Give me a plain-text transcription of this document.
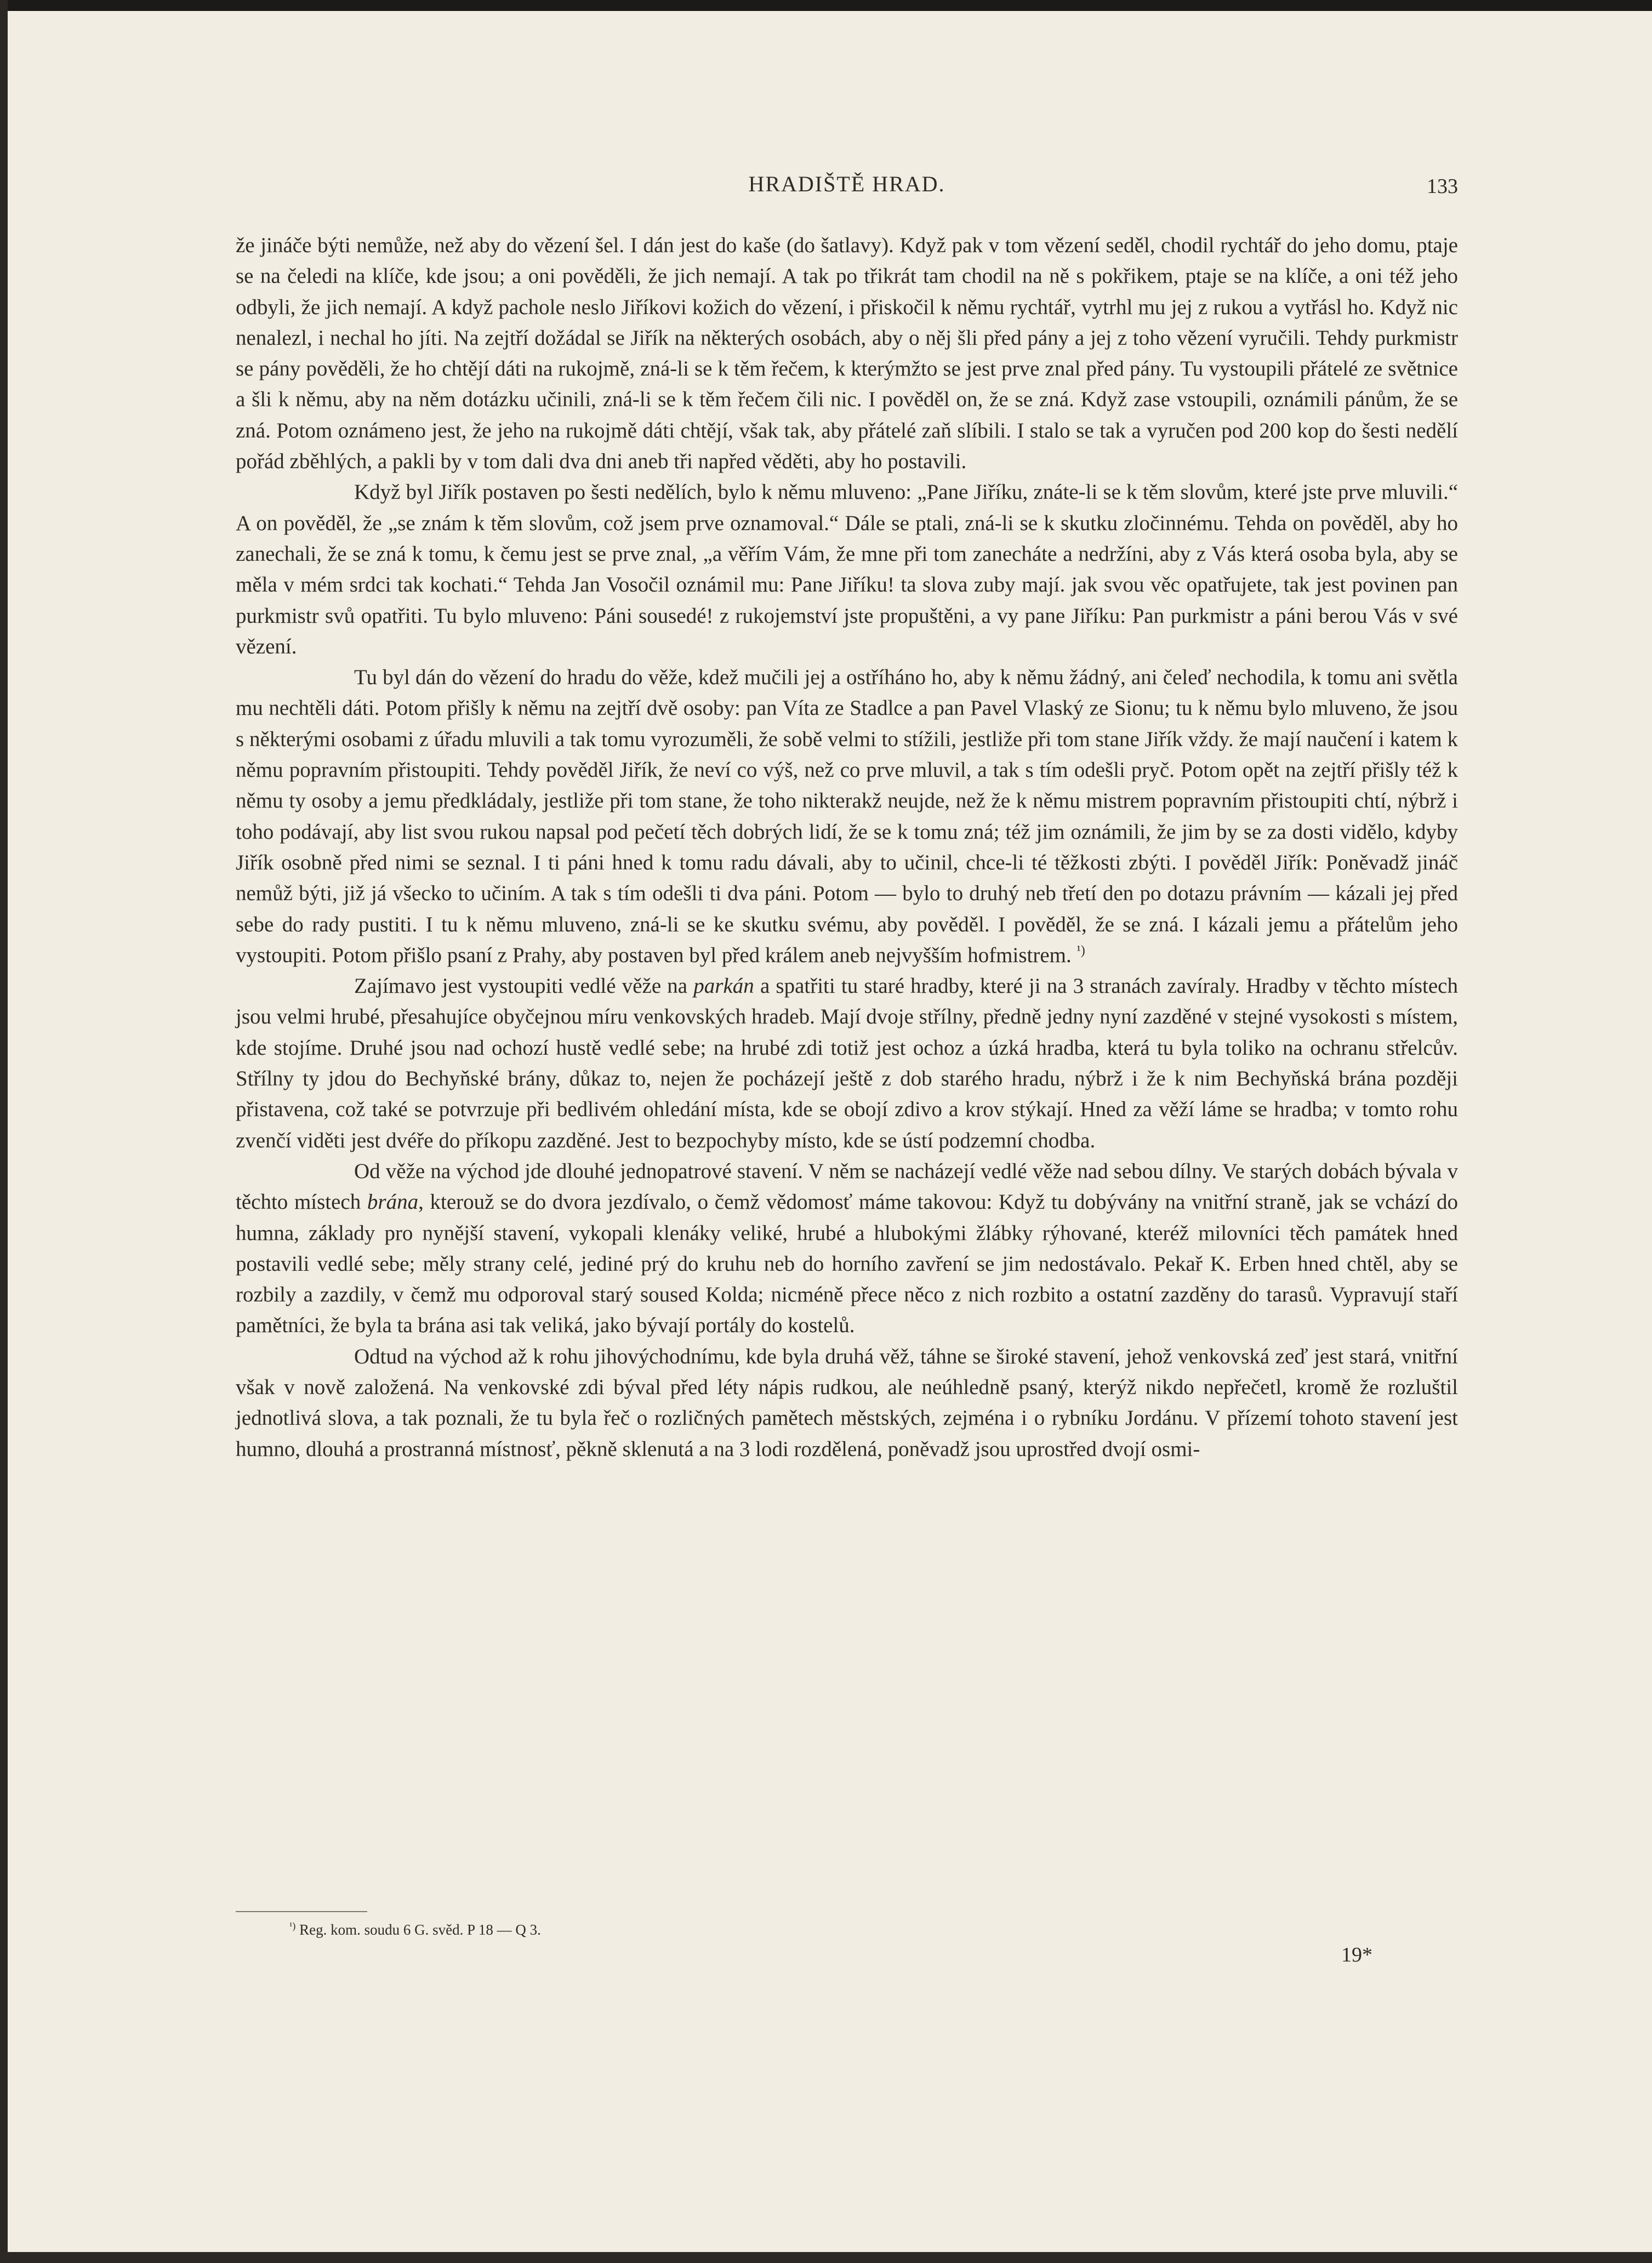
HRADIŠTĚ HRAD.	133

že jináče býti nemůže, než aby do vězení šel. I dán jest do kaše (do šatlavy). Když pak v tom vězení seděl, chodil rychtář do jeho domu, ptaje se na čeledi na klíče, kde jsou; a oni pověděli, že jich nemají. A tak po třikrát tam chodil na ně s pokřikem, ptaje se na klíče, a oni též jeho odbyli, že jich nemají. A když pachole neslo Jiříkovi kožich do vězení, i přiskočil k němu rychtář, vytrhl mu jej z rukou a vytřásl ho. Když nic nenalezl, i nechal ho jíti. Na zejtří dožádal se Jiřík na některých osobách, aby o něj šli před pány a jej z toho vězení vyručili. Tehdy purkmistr se pány pověděli, že ho chtějí dáti na rukojmě, zná-li se k těm řečem, k kterýmžto se jest prve znal před pány. Tu vystoupili přátelé ze světnice a šli k němu, aby na něm dotázku učinili, zná-li se k těm řečem čili nic. I pověděl on, že se zná. Když zase vstoupili, oznámili pánům, že se zná. Potom oznámeno jest, že jeho na rukojmě dáti chtějí, však tak, aby přátelé zaň slíbili. I stalo se tak a vyručen pod 200 kop do šesti nedělí pořád zběhlých, a pakli by v tom dali dva dni aneb tři napřed věděti, aby ho postavili.

Když byl Jiřík postaven po šesti nedělích, bylo k němu mluveno: „Pane Jiříku, znáte-li se k těm slovům, které jste prve mluvili.“ A on pověděl, že „se znám k těm slovům, což jsem prve oznamoval.“ Dále se ptali, zná-li se k skutku zločinnému. Tehda on pověděl, aby ho zanechali, že se zná k tomu, k čemu jest se prve znal, „a věřím Vám, že mne při tom zanecháte a nedržíni, aby z Vás která osoba byla, aby se měla v mém srdci tak kochati.“ Tehda Jan Vosočil oznámil mu: Pane Jiříku! ta slova zuby mají. jak svou věc opatřujete, tak jest povinen pan purkmistr svů opatřiti. Tu bylo mluveno: Páni sousedé! z rukojemství jste propuštěni, a vy pane Jiříku: Pan purkmistr a páni berou Vás v své vězení.

Tu byl dán do vězení do hradu do věže, kdež mučili jej a ostříháno ho, aby k němu žádný, ani čeleď nechodila, k tomu ani světla mu nechtěli dáti. Potom přišly k němu na zejtří dvě osoby: pan Víta ze Stadlce a pan Pavel Vlaský ze Sionu; tu k němu bylo mluveno, že jsou s některými osobami z úřadu mluvili a tak tomu vyrozuměli, že sobě velmi to stížili, jestliže při tom stane Jiřík vždy. že mají naučení i katem k němu popravním přistoupiti. Tehdy pověděl Jiřík, že neví co výš, než co prve mluvil, a tak s tím odešli pryč. Potom opět na zejtří přišly též k němu ty osoby a jemu předkládaly, jestliže při tom stane, že toho nikterakž neujde, než že k němu mistrem popravním přistoupiti chtí, nýbrž i toho podávají, aby list svou rukou napsal pod pečetí těch dobrých lidí, že se k tomu zná; též jim oznámili, že jim by se za dosti vidělo, kdyby Jiřík osobně před nimi se seznal. I ti páni hned k tomu radu dávali, aby to učinil, chce-li té těžkosti zbýti. I pověděl Jiřík: Poněvadž jináč nemůž býti, již já všecko to učiním. A tak s tím odešli ti dva páni. Potom — bylo to druhý neb třetí den po dotazu právním — kázali jej před sebe do rady pustiti. I tu k němu mluveno, zná-li se ke skutku svému, aby pověděl. I pověděl, že se zná. I kázali jemu a přátelům jeho vystoupiti. Potom přišlo psaní z Prahy, aby postaven byl před králem aneb nejvyšším hofmistrem. $^{^1)}$

Zajímavo jest vystoupiti vedlé věže na parkán a spatřiti tu staré hradby, které ji na 3 stranách zavíraly. Hradby v těchto místech jsou velmi hrubé, přesahujíce obyčejnou míru venkovských hradeb. Mají dvoje střílny, předně jedny nyní zazděné v stejné vysokosti s místem, kde stojíme. Druhé jsou nad ochozí hustě vedlé sebe; na hrubé zdi totiž jest ochoz a úzká hradba, která tu byla toliko na ochranu střelcův. Střílny ty jdou do Bechyňské brány, důkaz to, nejen že pocházejí ještě z dob starého hradu, nýbrž i že k nim Bechyňská brána později přistavena, což také se potvrzuje při bedlivém ohledání místa, kde se obojí zdivo a krov stýkají. Hned za věží láme se hradba; v tomto rohu zvenčí viděti jest dvéře do příkopu zazděné. Jest to bezpochyby místo, kde se ústí podzemní chodba.

Od věže na východ jde dlouhé jednopatrové stavení. V něm se nacházejí vedlé věže nad sebou dílny. Ve starých dobách bývala v těchto místech brána, kterouž se do dvora jezdívalo, o čemž vědomosť máme takovou: Když tu dobývány na vnitřní straně, jak se vchází do humna, základy pro nynější stavení, vykopali klenáky veliké, hrubé a hlubokými žlábky rýhované, kteréž milovníci těch památek hned postavili vedlé sebe; měly strany celé, jediné prý do kruhu neb do horního zavření se jim nedostávalo. Pekař K. Erben hned chtěl, aby se rozbily a zazdily, v čemž mu odporoval starý soused Kolda; nicméně přece něco z nich rozbito a ostatní zazděny do tarasů. Vypravují staří pamětníci, že byla ta brána asi tak veliká, jako bývají portály do kostelů.

Odtud na východ až k rohu jihovýchodnímu, kde byla druhá věž, táhne se široké stavení, jehož venkovská zeď jest stará, vnitřní však v nově založená. Na venkovské zdi býval před léty nápis rudkou, ale neúhledně psaný, kterýž nikdo nepřečetl, kromě že rozluštil jednotlivá slova, a tak poznali, že tu byla řeč o rozličných pamětech městských, zejména i o rybníku Jordánu. V přízemí tohoto stavení jest humno, dlouhá a prostranná místnosť, pěkně sklenutá a na 3 lodi rozdělená, poněvadž jsou uprostřed dvojí osmi-

$^{^1)}$ Reg. kom. soudu 6 G. svěd. P 18 — Q 3.
19*
